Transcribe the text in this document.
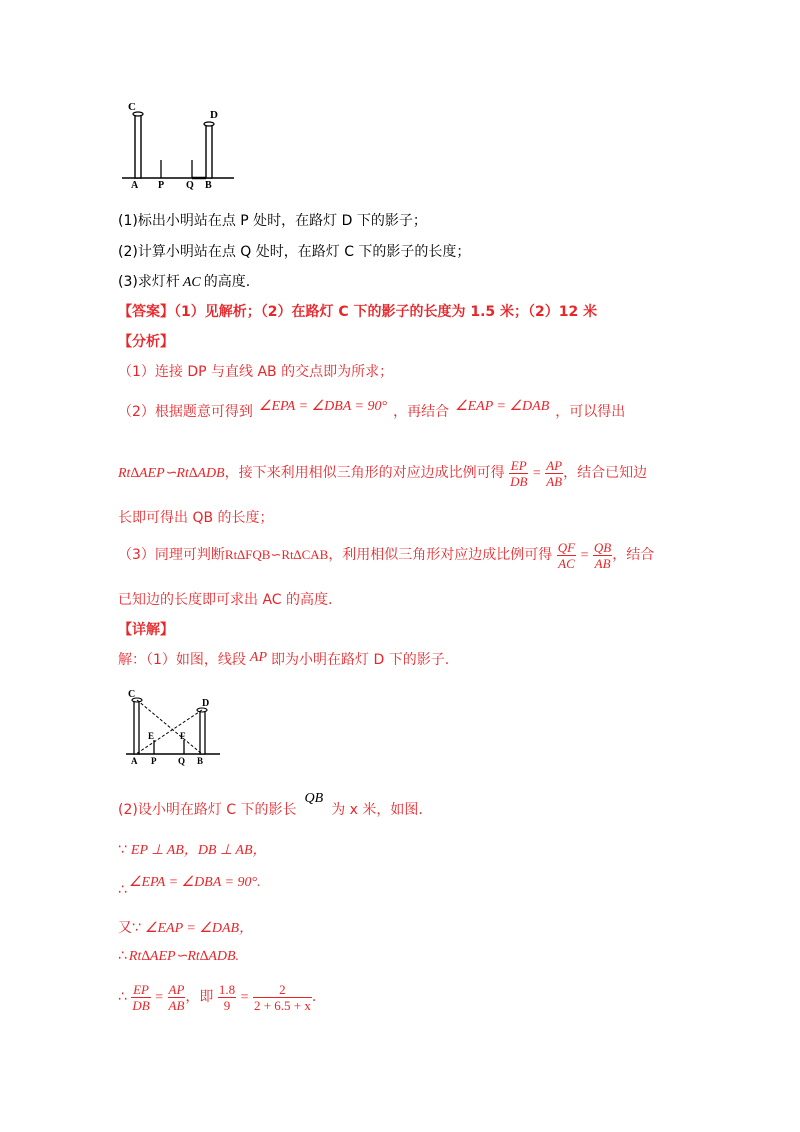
C
D
A P Q B
(1)标出小明站在点 P 处时，在路灯 D 下的影子；
(2)计算小明站在点 Q 处时，在路灯 C 下的影子的长度；
(3)求灯杆 AC 的高度.
【答案】（1）见解析；（2）在路灯 C 下的影子的长度为 1.5 米；（2）12 米
【分析】
（1）连接 DP 与直线 AB 的交点即为所求；
（2）根据题意可得到 ∠EPA = ∠DBA = 90° ，再结合 ∠EAP = ∠DAB ，可以得出
Rt∆AEP∽Rt∆ADB，接下来利用相似三角形的对应边成比例可得 $\frac{EP}{DB} = \frac{AP}{AB}$ ，结合已知边
长即可得出 QB 的长度；
（3）同理可判断Rt∆FQB∽Rt∆CAB，利用相似三角形对应边成比例可得 $\frac{QF}{AC} = \frac{QB}{AB}$ ，结合
已知边的长度即可求出 AC 的高度.
【详解】
解：（1）如图，线段 AP 即为小明在路灯 D 下的影子.
C
D
E	F
A P Q B
(2)设小明在路灯 C 下的影长QB为 x 米，如图.
∵ EP ⊥ AB，DB ⊥ AB，
∴ ∠EPA = ∠DBA = 90°.
又∵ ∠EAP = ∠DAB，
∴ Rt∆AEP∽Rt∆ADB.
∴ $\frac{EP}{DB} = \frac{AP}{AB}$ ，即 $\frac{1.8}{9} = \frac{2}{2 + 6.5 + x}$ .
